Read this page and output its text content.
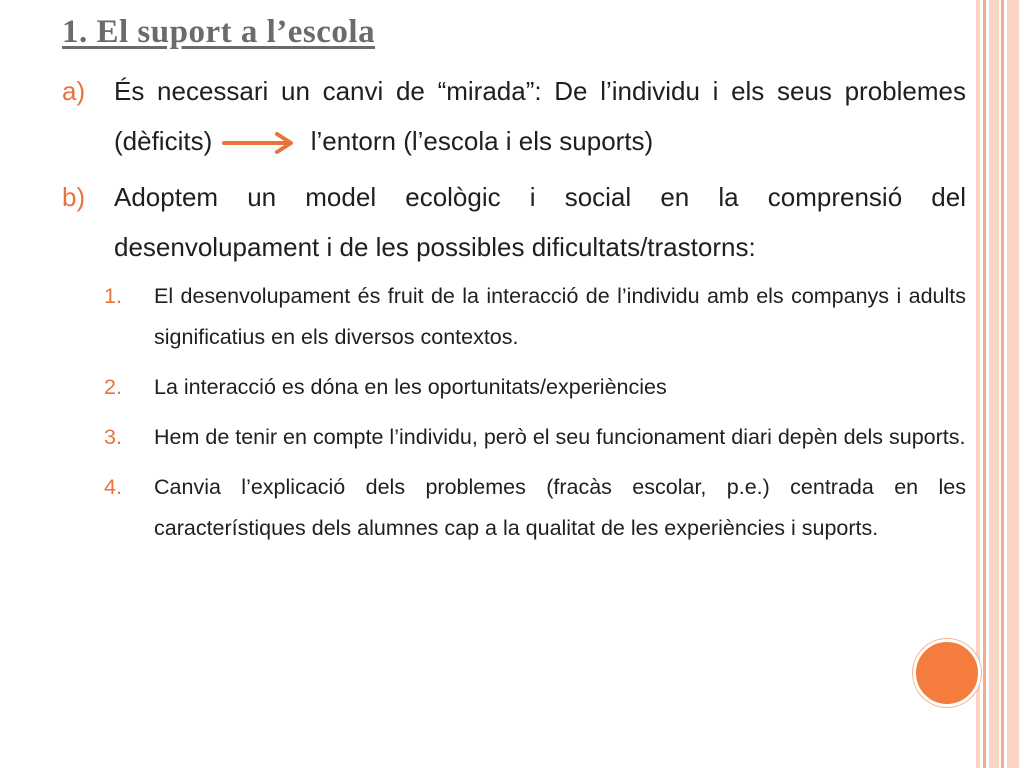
1. El suport a l’escola
a)	És necessari un canvi de “mirada”: De l’individu i els seus problemes (dèficits)	l’entorn (l’escola i els suports)
b)	Adoptem un model ecològic i social en la comprensió del desenvolupament i de les possibles dificultats/trastorns:
1.	El desenvolupament és fruit de la interacció de l’individu amb els companys i adults significatius en els diversos contextos.
2.	La interacció es dóna en les oportunitats/experiències
3.	Hem de tenir en compte l’individu, però el seu funcionament diari depèn dels suports.
4.	Canvia l’explicació dels problemes (fracàs escolar, p.e.) centrada en les característiques dels alumnes cap a la qualitat de les experiències i suports.
